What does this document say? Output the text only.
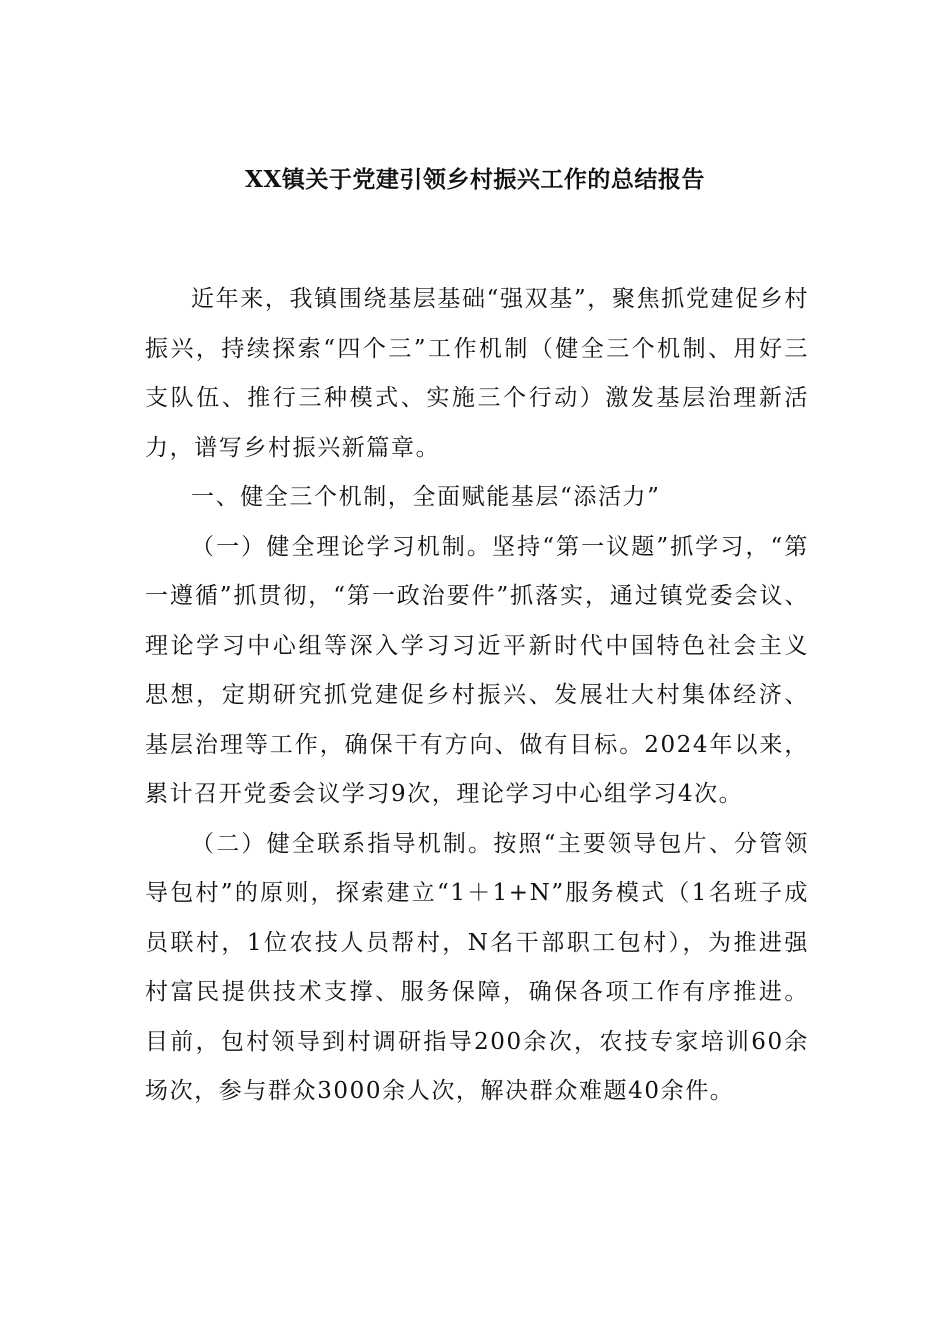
XX镇关于党建引领乡村振兴工作的总结报告

近年来，我镇围绕基层基础“强双基”，聚焦抓党建促乡村振兴，持续探索“四个三”工作机制（健全三个机制、用好三支队伍、推行三种模式、实施三个行动）激发基层治理新活力，谱写乡村振兴新篇章。

一、健全三个机制，全面赋能基层“添活力”

（一）健全理论学习机制。坚持“第一议题”抓学习，“第一遵循”抓贯彻，“第一政治要件”抓落实，通过镇党委会议、理论学习中心组等深入学习习近平新时代中国特色社会主义思想，定期研究抓党建促乡村振兴、发展壮大村集体经济、基层治理等工作，确保干有方向、做有目标。2024年以来，累计召开党委会议学习9次，理论学习中心组学习4次。

（二）健全联系指导机制。按照“主要领导包片、分管领导包村”的原则，探索建立“1＋1+N”服务模式（1名班子成员联村，1位农技人员帮村，N名干部职工包村），为推进强村富民提供技术支撑、服务保障，确保各项工作有序推进。目前，包村领导到村调研指导200余次，农技专家培训60余场次，参与群众3000余人次，解决群众难题40余件。
